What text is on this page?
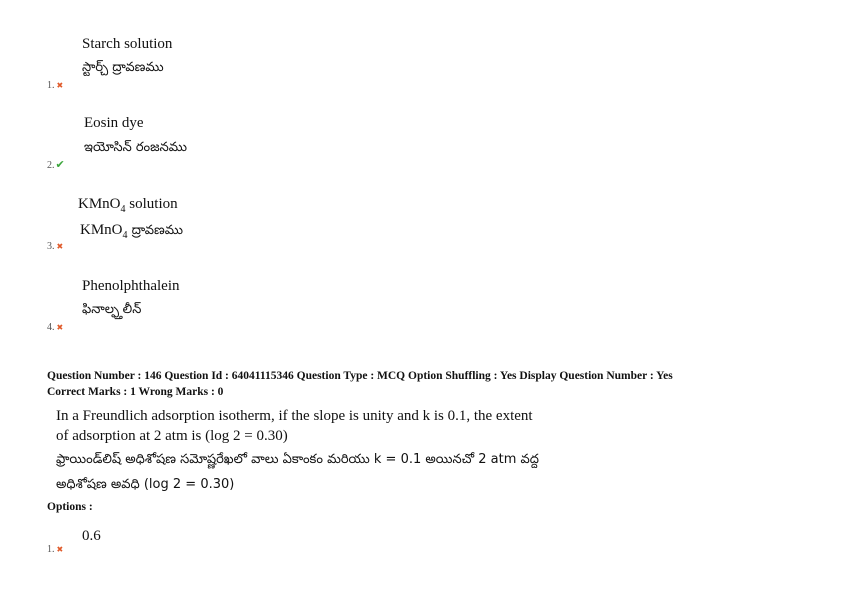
Starch solution
స్టార్చ్ ద్రావణము
1. ✖
Eosin dye
ఇయోసిన్ రంజనము
2.✔
KMnO$_4$ solution
KMnO$_4$ ద్రావణము
3. ✖
Phenolphthalein
ఫినాల్ఫ్తలీన్
4. ✖
Question Number : 146 Question Id : 64041115346 Question Type : MCQ Option Shuffling : Yes Display Question Number : Yes
Correct Marks : 1 Wrong Marks : 0
In a Freundlich adsorption isotherm, if the slope is unity and k is 0.1, the extent
of adsorption at 2 atm is (log 2 = 0.30)
ఫ్రాయిండ్‌లిష్ అధిశోషణ సమోష్ణరేఖలో వాలు ఏకాంకం మరియు k = 0.1 అయినచో 2 atm వద్ద
అధిశోషణ అవధి (log 2 = 0.30)
Options :
0.6
1. ✖
